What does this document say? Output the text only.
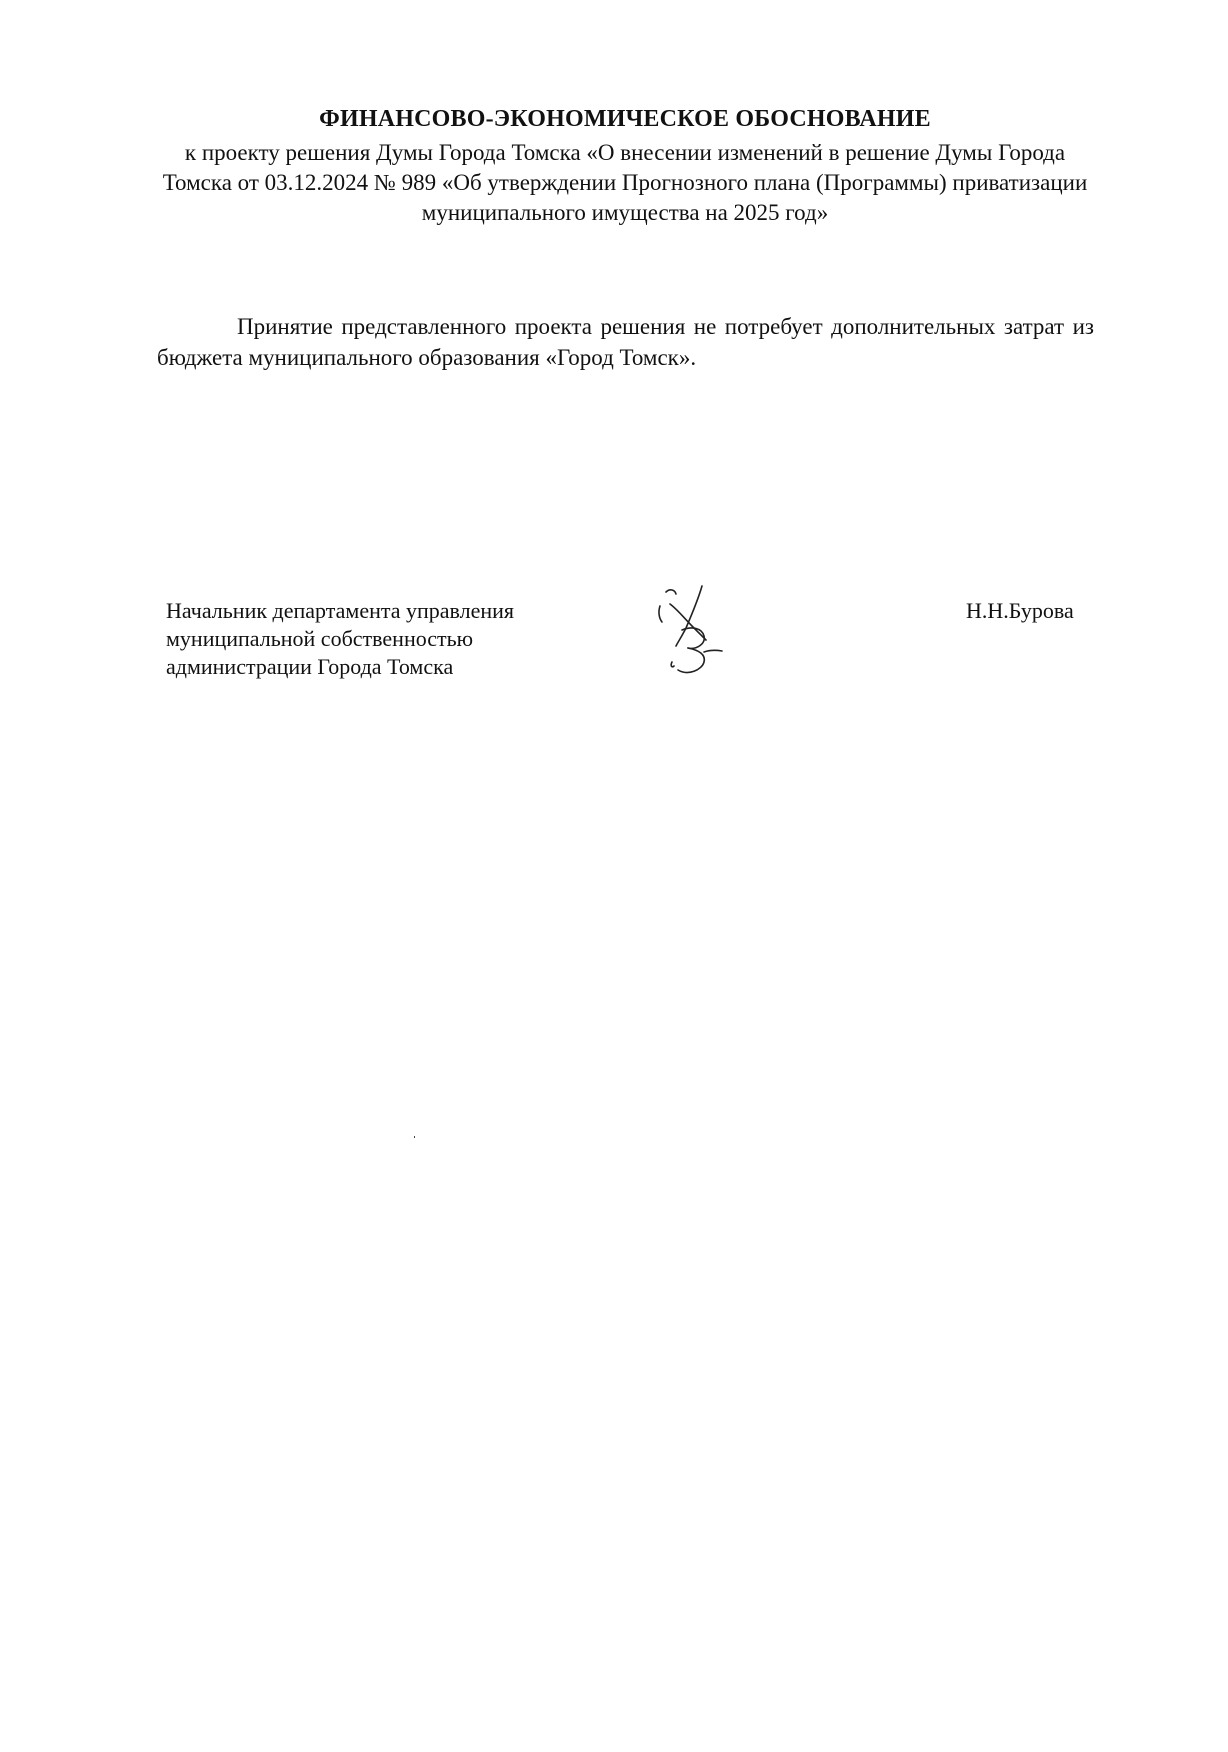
ФИНАНСОВО-ЭКОНОМИЧЕСКОЕ ОБОСНОВАНИЕ
к проекту решения Думы Города Томска «О внесении изменений в решение Думы Города
Томска от 03.12.2024 № 989 «Об утверждении Прогнозного плана (Программы) приватизации
муниципального имущества на 2025 год»
Принятие представленного проекта решения не потребует дополнительных затрат из бюджета муниципального образования «Город Томск».
Начальник департамента управления
муниципальной собственностью
администрации Города Томска
Н.Н.Бурова
